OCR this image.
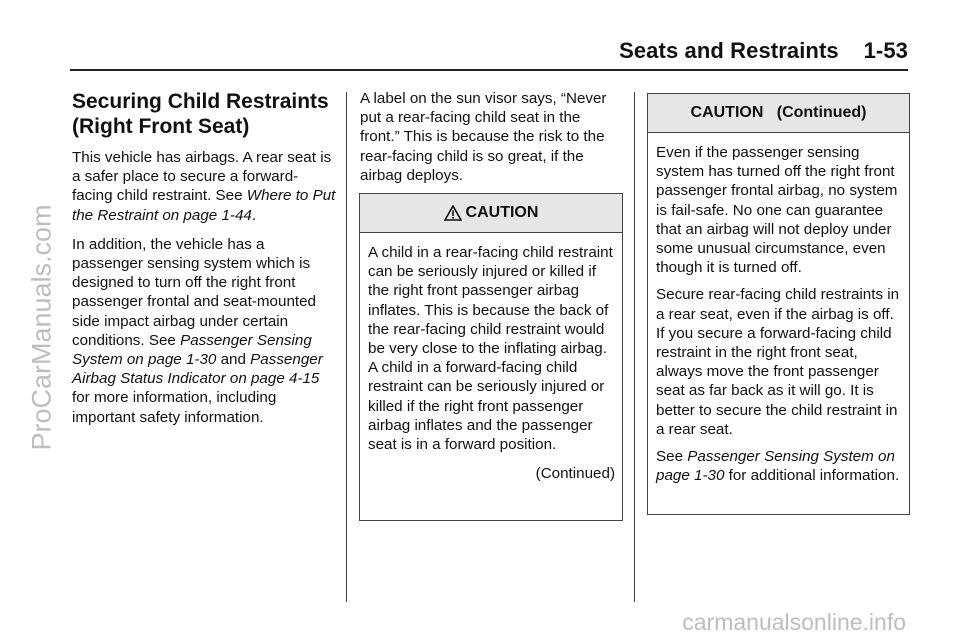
Seats and Restraints    1-53
ProCarManuals.com
carmanualsonline.info
Securing Child Restraints (Right Front Seat)

This vehicle has airbags. A rear seat is a safer place to secure a forward-facing child restraint. See Where to Put the Restraint on page 1-44.

In addition, the vehicle has a passenger sensing system which is designed to turn off the right front passenger frontal and seat-mounted side impact airbag under certain conditions. See Passenger Sensing System on page 1-30 and Passenger Airbag Status Indicator on page 4-15 for more information, including important safety information.

A label on the sun visor says, “Never put a rear-facing child seat in the front.” This is because the risk to the rear-facing child is so great, if the airbag deploys.

CAUTION
A child in a rear-facing child restraint can be seriously injured or killed if the right front passenger airbag inflates. This is because the back of the rear-facing child restraint would be very close to the inflating airbag. A child in a forward-facing child restraint can be seriously injured or killed if the right front passenger airbag inflates and the passenger seat is in a forward position.
(Continued)
CAUTION   (Continued)

Even if the passenger sensing system has turned off the right front passenger frontal airbag, no system is fail-safe. No one can guarantee that an airbag will not deploy under some unusual circumstance, even though it is turned off.

Secure rear-facing child restraints in a rear seat, even if the airbag is off. If you secure a forward-facing child restraint in the right front seat, always move the front passenger seat as far back as it will go. It is better to secure the child restraint in a rear seat.

See Passenger Sensing System on page 1-30 for additional information.
